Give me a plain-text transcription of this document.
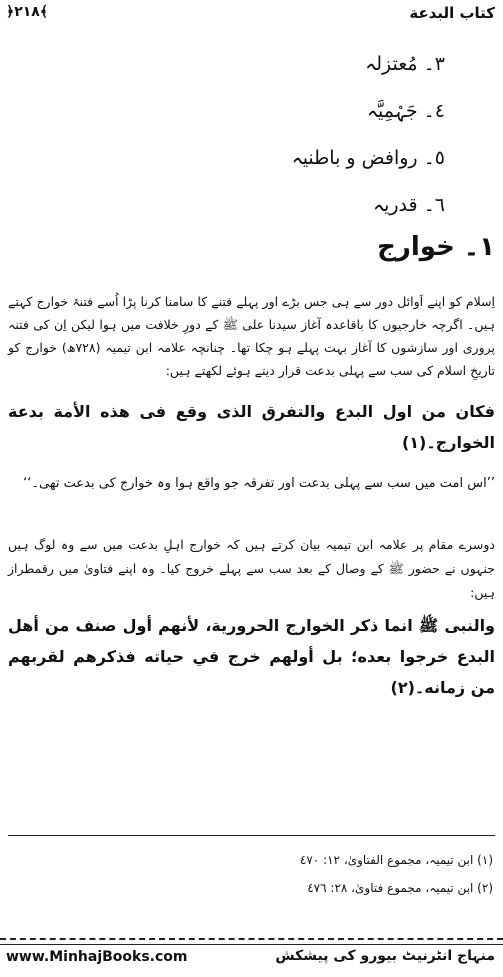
كتاب البدعة
﴿٢١٨﴾
٣۔ مُعتزلہ
٤۔ جَہْمِیَّہ
٥۔ روافض و باطنیہ
٦۔ قدریہ
١۔ خوارج

اِسلام کو اپنے اَوائل دور سے ہی جس بڑے اور پہلے فتنے کا سامنا کرنا پڑا اُسے فتنۂ خوارج کہتے ہیں۔ اگرچہ خارجیوں کا باقاعدہ آغاز سیدنا علی ﷺ کے دورِ خلافت میں ہوا لیکن اِن کی فتنہ پروری اور سازشوں کا آغاز بہت پہلے ہو چکا تھا۔ چنانچہ علامہ ابن تیمیہ (٧٢٨ھ) خوارج کو تاریخِ اسلام کی سب سے پہلی بدعت قرار دیتے ہوئے لکھتے ہیں:

فكان من اول البدع والتفرق الذى وقع فى هذه الأمة بدعة الخوارج۔(١)

’’اس امت میں سب سے پہلی بدعت اور تفرقہ جو واقع ہوا وہ خوارج کی بدعت تھی۔‘‘

دوسرے مقام پر علامہ ابن تیمیہ بیان کرتے ہیں کہ خوارج اہلِ بدعت میں سے وہ لوگ ہیں جنہوں نے حضور ﷺ کے وصال کے بعد سب سے پہلے خروج کیا۔ وہ اپنے فتاویٰ میں رقمطراز ہیں:

والنبى ﷺ انما ذكر الخوارج الحرورية، لأنهم أول صنف من أهل البدع خرجوا بعده؛ بل أولهم خرج في حياته فذكرهم لقربهم من زمانه۔(٢)

(١) ابن تیمیہ، مجموع الفتاویٰ، ١٢: ٤٧٠
(٢) ابن تیمیہ، مجموع فتاویٰ، ٢٨: ٤٧٦
www.MinhajBooks.com	منہاج انٹرنیٹ بیورو کی پیشکش
